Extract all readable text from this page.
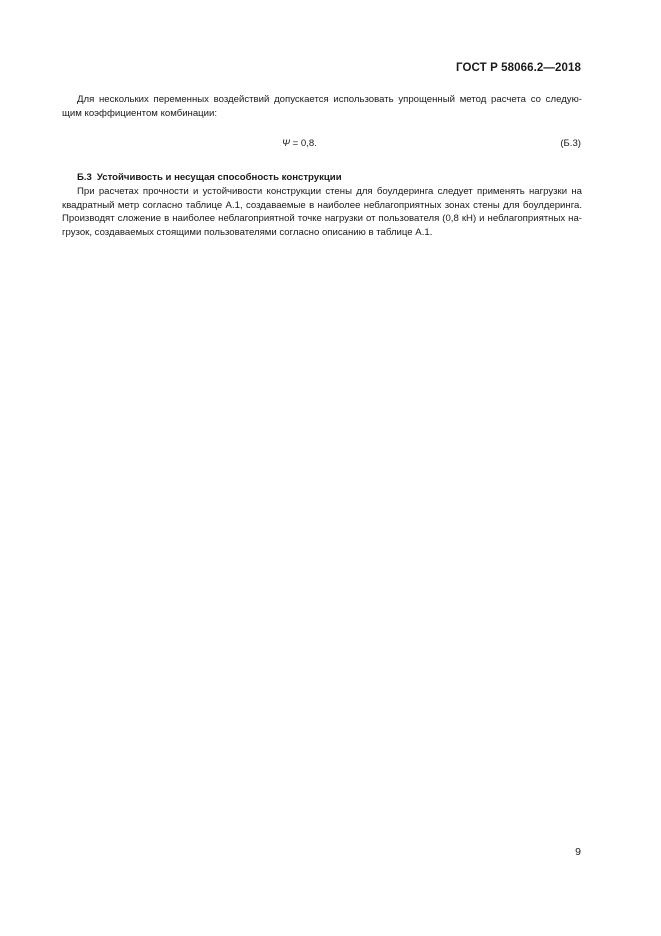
ГОСТ Р 58066.2—2018

Для нескольких переменных воздействий допускается использовать упрощенный метод расчета со следую-
щим коэффициентом комбинации:

Ψ = 0,8.	(Б.3)
Б.3 Устойчивость и несущая способность конструкции

При расчетах прочности и устойчивости конструкции стены для боулдеринга следует применять нагрузки на
квадратный метр согласно таблице А.1, создаваемые в наиболее неблагоприятных зонах стены для боулдеринга.
Производят сложение в наиболее неблагоприятной точке нагрузки от пользователя (0,8 кН) и неблагоприятных на-
грузок, создаваемых стоящими пользователями согласно описанию в таблице А.1.

9
